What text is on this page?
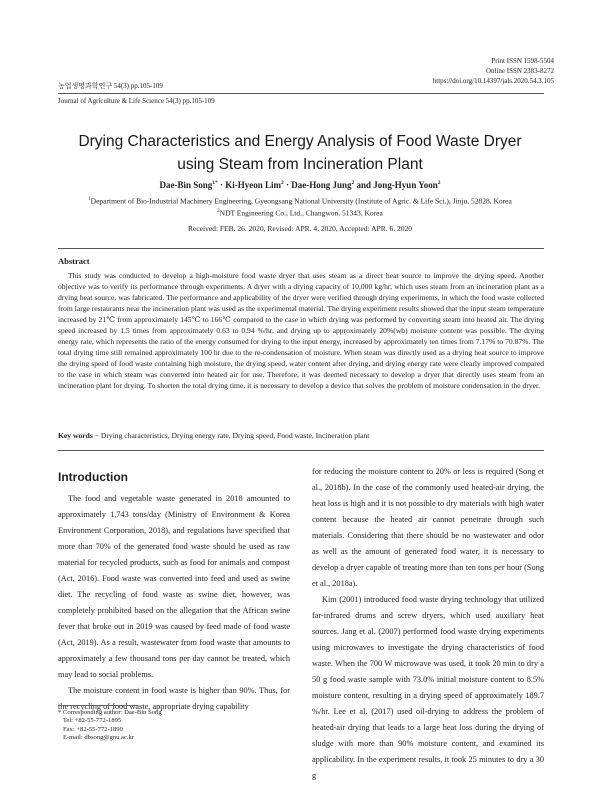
Print ISSN 1598-5504
Online ISSN 2383-8272
https://doi.org/10.14397/jals.2020.54.3.105
농업생명과학연구 54(3) pp.105-109
Journal of Agriculture & Life Science 54(3) pp.105-109
Drying Characteristics and Energy Analysis of Food Waste Dryer
using Steam from Incineration Plant
Dae-Bin Song$^{1*}$ · Ki-Hyeon Lim$^2$ · Dae-Hong Jung$^2$ and Jong-Hyun Yoon$^2$
$^1$Department of Bio-Industrial Machinery Engineering, Gyeongsang National University (Institute of Agric. & Life Sci.), Jinju, 52828, Korea
$^2$NDT Engineering Co., Ltd., Changwon, 51343, Korea
Received: FEB. 26. 2020, Revised: APR. 4. 2020, Accepted: APR. 6. 2020
Abstract
This study was conducted to develop a high-moisture food waste dryer that uses steam as a direct heat source to improve the drying speed. Another objective was to verify its performance through experiments. A dryer with a drying capacity of 10,000 kg/hr, which uses steam from an incineration plant as a drying heat source, was fabricated. The performance and applicability of the dryer were verified through drying experiments, in which the food waste collected from large restaurants near the incineration plant was used as the experimental material. The drying experiment results showed that the input steam temperature increased by 21℃ from approximately 145℃ to 166℃ compared to the case in which drying was performed by converting steam into heated air. The drying speed increased by 1.5 times from approximately 0.63 to 0.94 %/hr, and drying up to approximately 20%(wb) moisture content was possible. The drying energy rate, which represents the ratio of the energy consumed for drying to the input energy, increased by approximately ten times from 7.17% to 70.87%. The total drying time still remained approximately 100 hr due to the re-condensation of moisture. When steam was directly used as a drying heat source to improve the drying speed of food waste containing high moisture, the drying speed, water content after drying, and drying energy rate were clearly improved compared to the case in which steam was converted into heated air for use. Therefore, it was deemed necessary to develop a dryer that directly uses steam from an incineration plant for drying. To shorten the total drying time, it is necessary to develop a device that solves the problem of moisture condensation in the dryer.
Key words − Drying characteristics, Drying energy rate, Drying speed, Food waste, Incineration plant
Introduction

The food and vegetable waste generated in 2018 amounted to approximately 1,743 tons/day (Ministry of Environment & Korea Environment Corporation, 2018), and regulations have specified that more than 70% of the generated food waste should be used as raw material for recycled products, such as food for animals and compost (Act, 2016). Food waste was converted into feed and used as swine diet. The recycling of food waste as swine diet, however, was completely prohibited based on the allegation that the African swine fever that broke out in 2019 was caused by feed made of food waste (Act, 2019). As a result, wastewater from food waste that amounts to approximately a few thousand tons per day cannot be treated, which may lead to social problems.

The moisture content in food waste is higher than 90%. Thus, for the recycling of food waste, appropriate drying capability

for reducing the moisture content to 20% or less is required (Song et al., 2018b). In the case of the commonly used heated-air drying, the heat loss is high and it is not possible to dry materials with high water content because the heated air cannot penetrate through such materials. Considering that there should be no wastewater and odor as well as the amount of generated food water, it is necessary to develop a dryer capable of treating more than ten tons per hour (Song et al., 2018a).

Kim (2001) introduced food waste drying technology that utilized far-infrared drums and screw dryers, which used auxiliary heat sources. Jang et al. (2007) performed food waste drying experiments using microwaves to investigate the drying characteristics of food waste. When the 700 W microwave was used, it took 20 min to dry a 50 g food waste sample with 73.0% initial moisture content to 8.5% moisture content, resulting in a drying speed of approximately 189.7 %/hr. Lee et al. (2017) used oil-drying to address the problem of heated-air drying that leads to a large heat loss during the drying of sludge with more than 90% moisture content, and examined its applicability. In the experiment results, it took 25 minutes to dry a 30 g

* Corresponding author: Dae-Bin Song
Tel: +82-55-772-1895
Fax: +82-55-772-1899
E-mail: dbsong@gnu.ac.kr
